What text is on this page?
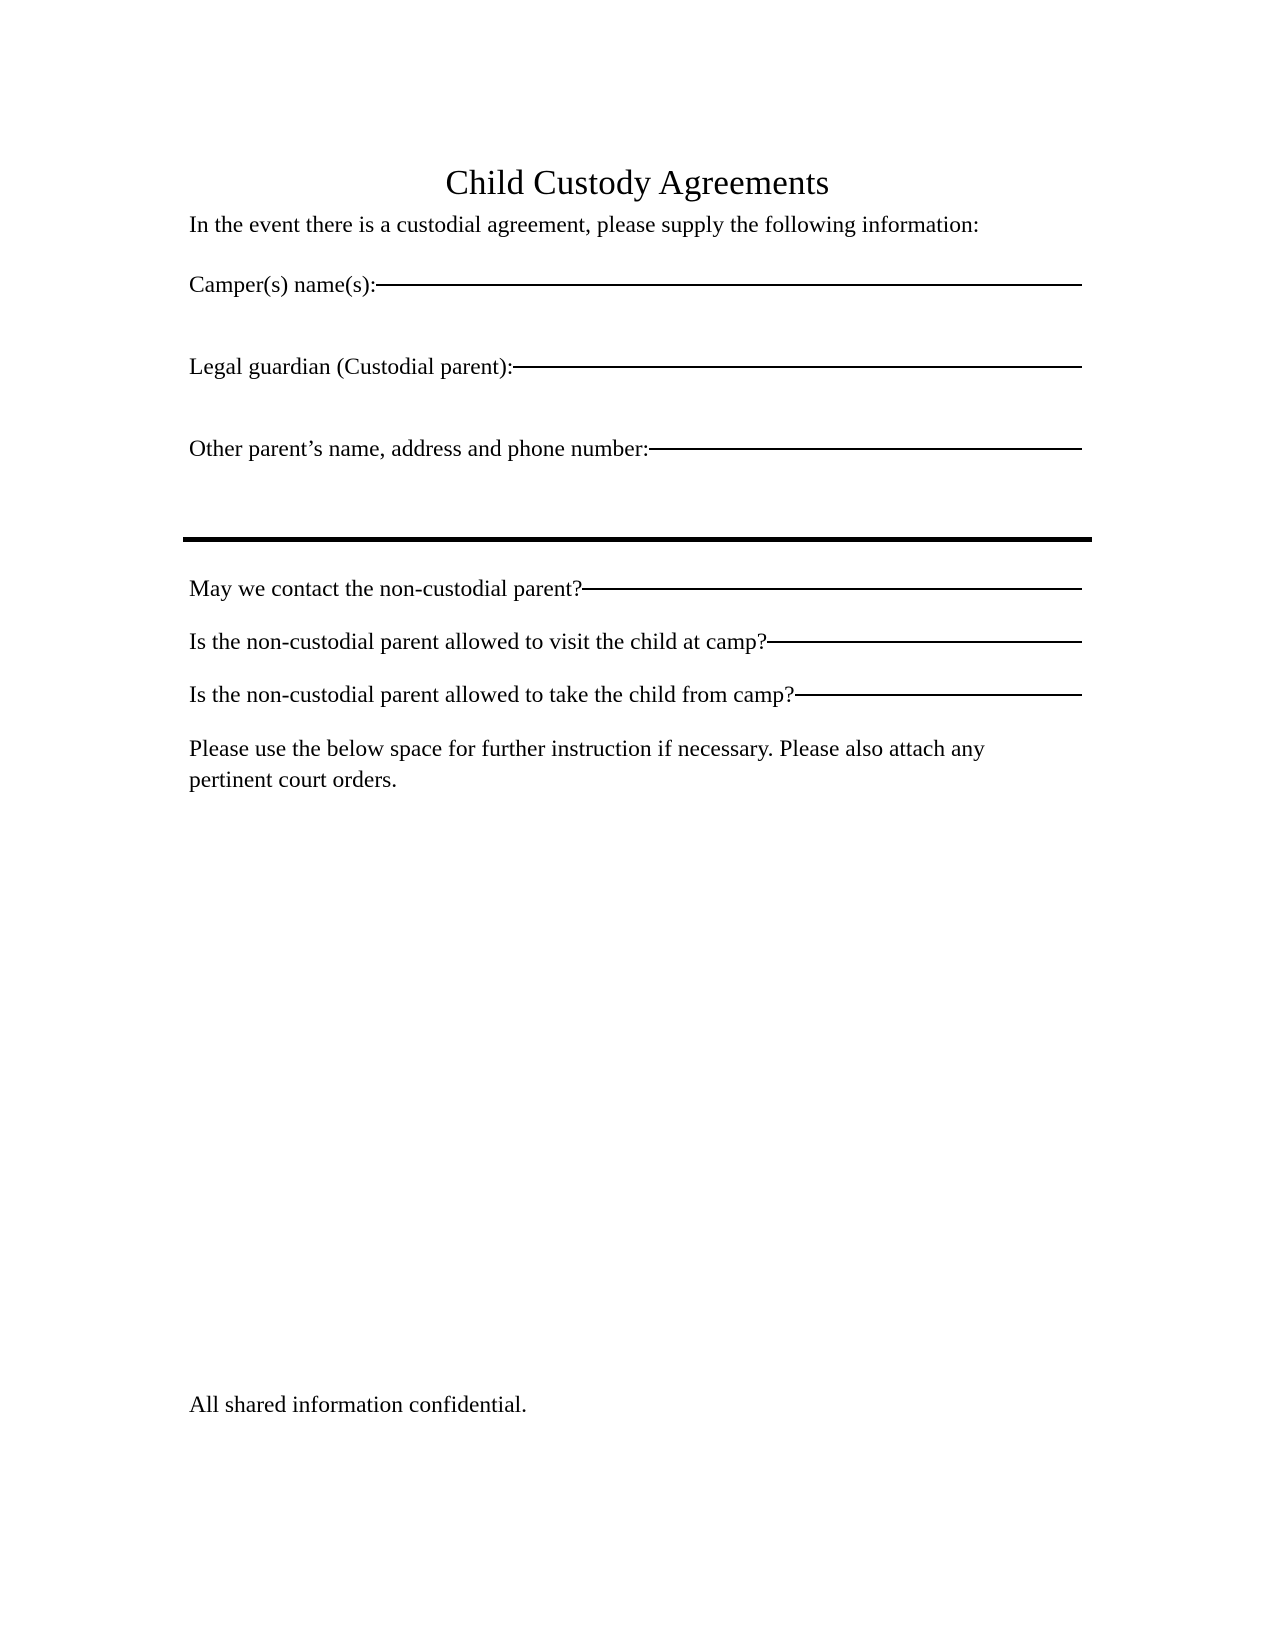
Child Custody Agreements
In the event there is a custodial agreement, please supply the following information:
Camper(s) name(s):
Legal guardian (Custodial parent):
Other parent’s name, address and phone number:
May we contact the non-custodial parent?
Is the non-custodial parent allowed to visit the child at camp?
Is the non-custodial parent allowed to take the child from camp?
Please use the below space for further instruction if necessary. Please also attach any
pertinent court orders.
All shared information confidential.
